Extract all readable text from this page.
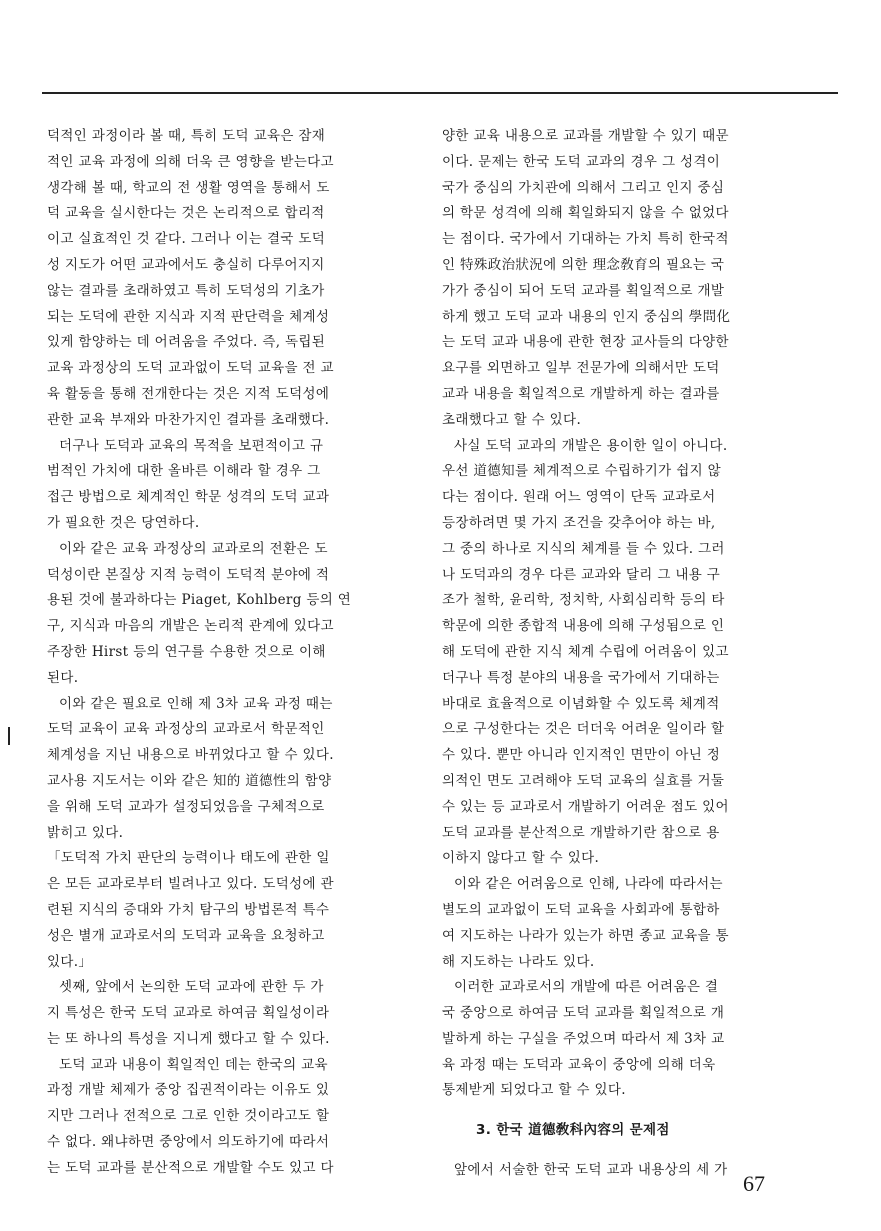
덕적인 과정이라 볼 때, 특히 도덕 교육은 잠재
적인 교육 과정에 의해 더욱 큰 영향을 받는다고
생각해 볼 때, 학교의 전 생활 영역을 통해서 도
덕 교육을 실시한다는 것은 논리적으로 합리적
이고 실효적인 것 같다. 그러나 이는 결국 도덕
성 지도가 어떤 교과에서도 충실히 다루어지지
않는 결과를 초래하였고 특히 도덕성의 기초가
되는 도덕에 관한 지식과 지적 판단력을 체계성
있게 함양하는 데 어려움을 주었다. 즉, 독립된
교육 과정상의 도덕 교과없이 도덕 교육을 전 교
육 활동을 통해 전개한다는 것은 지적 도덕성에
관한 교육 부재와 마찬가지인 결과를 초래했다.
더구나 도덕과 교육의 목적을 보편적이고 규
범적인 가치에 대한 올바른 이해라 할 경우 그
접근 방법으로 체계적인 학문 성격의 도덕 교과
가 필요한 것은 당연하다.
이와 같은 교육 과정상의 교과로의 전환은 도
덕성이란 본질상 지적 능력이 도덕적 분야에 적
용된 것에 불과하다는 Piaget, Kohlberg 등의 연
구, 지식과 마음의 개발은 논리적 관계에 있다고
주장한 Hirst 등의 연구를 수용한 것으로 이해
된다.
이와 같은 필요로 인해 제 3차 교육 과정 때는
도덕 교육이 교육 과정상의 교과로서 학문적인
체계성을 지닌 내용으로 바뀌었다고 할 수 있다.
교사용 지도서는 이와 같은 知的 道德性의 함양
을 위해 도덕 교과가 설정되었음을 구체적으로
밝히고 있다.
「도덕적 가치 판단의 능력이나 태도에 관한 일
은 모든 교과로부터 빌려나고 있다. 도덕성에 관
련된 지식의 증대와 가치 탐구의 방법론적 특수
성은 별개 교과로서의 도덕과 교육을 요청하고
있다.」
셋째, 앞에서 논의한 도덕 교과에 관한 두 가
지 특성은 한국 도덕 교과로 하여금 획일성이라
는 또 하나의 특성을 지니게 했다고 할 수 있다.
도덕 교과 내용이 획일적인 데는 한국의 교육
과정 개발 체제가 중앙 집권적이라는 이유도 있
지만 그러나 전적으로 그로 인한 것이라고도 할
수 없다. 왜냐하면 중앙에서 의도하기에 따라서
는 도덕 교과를 분산적으로 개발할 수도 있고 다
양한 교육 내용으로 교과를 개발할 수 있기 때문
이다. 문제는 한국 도덕 교과의 경우 그 성격이
국가 중심의 가치관에 의해서 그리고 인지 중심
의 학문 성격에 의해 획일화되지 않을 수 없었다
는 점이다. 국가에서 기대하는 가치 특히 한국적
인 特殊政治狀況에 의한 理念敎育의 필요는 국
가가 중심이 되어 도덕 교과를 획일적으로 개발
하게 했고 도덕 교과 내용의 인지 중심의 學問化
는 도덕 교과 내용에 관한 현장 교사들의 다양한
요구를 외면하고 일부 전문가에 의해서만 도덕
교과 내용을 획일적으로 개발하게 하는 결과를
초래했다고 할 수 있다.
사실 도덕 교과의 개발은 용이한 일이 아니다.
우선 道德知를 체계적으로 수립하기가 쉽지 않
다는 점이다. 원래 어느 영역이 단독 교과로서
등장하려면 몇 가지 조건을 갖추어야 하는 바,
그 중의 하나로 지식의 체계를 들 수 있다. 그러
나 도덕과의 경우 다른 교과와 달리 그 내용 구
조가 철학, 윤리학, 정치학, 사회심리학 등의 타
학문에 의한 종합적 내용에 의해 구성됨으로 인
해 도덕에 관한 지식 체계 수립에 어려움이 있고
더구나 특정 분야의 내용을 국가에서 기대하는
바대로 효율적으로 이념화할 수 있도록 체계적
으로 구성한다는 것은 더더욱 어려운 일이라 할
수 있다. 뿐만 아니라 인지적인 면만이 아닌 정
의적인 면도 고려해야 도덕 교육의 실효를 거둘
수 있는 등 교과로서 개발하기 어려운 점도 있어
도덕 교과를 분산적으로 개발하기란 참으로 용
이하지 않다고 할 수 있다.
이와 같은 어려움으로 인해, 나라에 따라서는
별도의 교과없이 도덕 교육을 사회과에 통합하
여 지도하는 나라가 있는가 하면 종교 교육을 통
해 지도하는 나라도 있다.
이러한 교과로서의 개발에 따른 어려움은 결
국 중앙으로 하여금 도덕 교과를 획일적으로 개
발하게 하는 구실을 주었으며 따라서 제 3차 교
육 과정 때는 도덕과 교육이 중앙에 의해 더욱
통제받게 되었다고 할 수 있다.
3. 한국 道德敎科內容의 문제점
앞에서 서술한 한국 도덕 교과 내용상의 세 가
67
